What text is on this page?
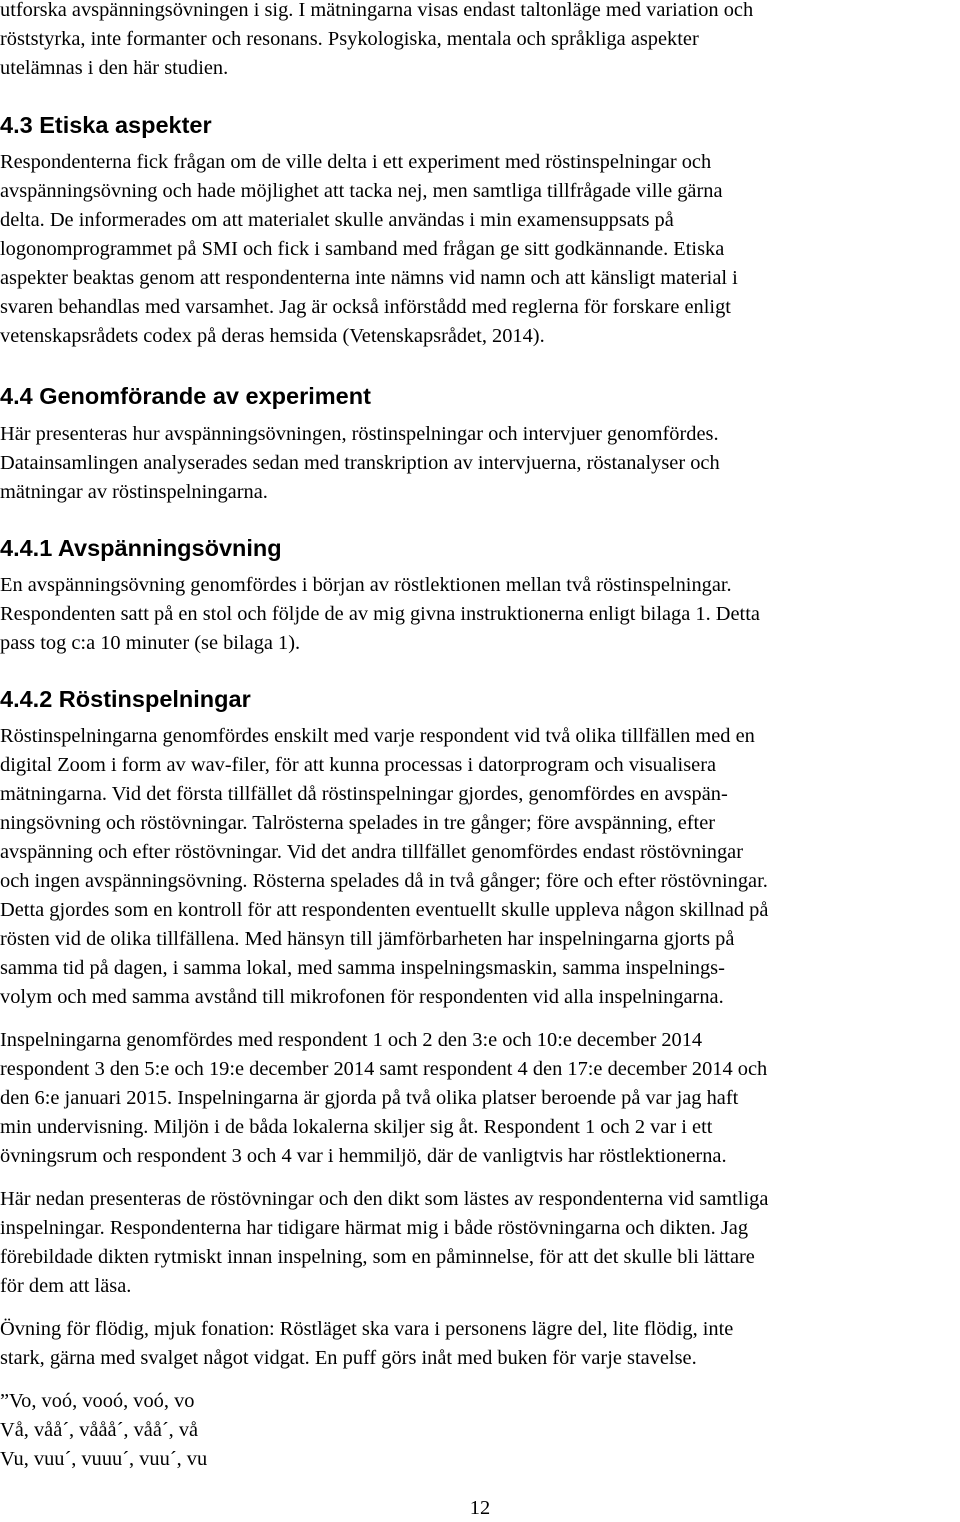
utforska avspänningsövningen i sig. I mätningarna visas endast taltonläge med variation och

röststyrka, inte formanter och resonans. Psykologiska, mentala och språkliga aspekter

utelämnas i den här studien.

4.3 Etiska aspekter

Respondenterna fick frågan om de ville delta i ett experiment med röstinspelningar och

avspänningsövning och hade möjlighet att tacka nej, men samtliga tillfrågade ville gärna

delta. De informerades om att materialet skulle användas i min examensuppsats på

logonomprogrammet på SMI och fick i samband med frågan ge sitt godkännande. Etiska

aspekter beaktas genom att respondenterna inte nämns vid namn och att känsligt material i

svaren behandlas med varsamhet. Jag är också införstådd med reglerna för forskare enligt

vetenskapsrådets codex på deras hemsida (Vetenskapsrådet, 2014).

4.4 Genomförande av experiment

Här presenteras hur avspänningsövningen, röstinspelningar och intervjuer genomfördes.

Datainsamlingen analyserades sedan med transkription av intervjuerna, röstanalyser och

mätningar av röstinspelningarna.

4.4.1 Avspänningsövning

En avspänningsövning genomfördes i början av röstlektionen mellan två röstinspelningar.

Respondenten satt på en stol och följde de av mig givna instruktionerna enligt bilaga 1. Detta

pass tog c:a 10 minuter (se bilaga 1).

4.4.2 Röstinspelningar

Röstinspelningarna genomfördes enskilt med varje respondent vid två olika tillfällen med en

digital Zoom i form av wav-filer, för att kunna processas i datorprogram och visualisera

mätningarna. Vid det första tillfället då röstinspelningar gjordes, genomfördes en avspän-

ningsövning och röstövningar. Talrösterna spelades in tre gånger; före avspänning, efter

avspänning och efter röstövningar. Vid det andra tillfället genomfördes endast röstövningar

och ingen avspänningsövning. Rösterna spelades då in två gånger; före och efter röstövningar.

Detta gjordes som en kontroll för att respondenten eventuellt skulle uppleva någon skillnad på

rösten vid de olika tillfällena. Med hänsyn till jämförbarheten har inspelningarna gjorts på

samma tid på dagen, i samma lokal, med samma inspelningsmaskin, samma inspelnings-

volym och med samma avstånd till mikrofonen för respondenten vid alla inspelningarna.

Inspelningarna genomfördes med respondent 1 och 2 den 3:e och 10:e december 2014

respondent 3 den 5:e och 19:e december 2014 samt respondent 4 den 17:e december 2014 och

den 6:e januari 2015. Inspelningarna är gjorda på två olika platser beroende på var jag haft

min undervisning. Miljön i de båda lokalerna skiljer sig åt. Respondent 1 och 2 var i ett

övningsrum och respondent 3 och 4 var i hemmiljö, där de vanligtvis har röstlektionerna.

Här nedan presenteras de röstövningar och den dikt som lästes av respondenterna vid samtliga

inspelningar. Respondenterna har tidigare härmat mig i både röstövningarna och dikten. Jag

förebildade dikten rytmiskt innan inspelning, som en påminnelse, för att det skulle bli lättare

för dem att läsa.

Övning för flödig, mjuk fonation: Röstläget ska vara i personens lägre del, lite flödig, inte

stark, gärna med svalget något vidgat. En puff görs inåt med buken för varje stavelse.

”Vo, voó, vooó, voó, vo

Vå, våå´, vååå´, våå´, vå

Vu, vuu´, vuuu´, vuu´, vu

12
